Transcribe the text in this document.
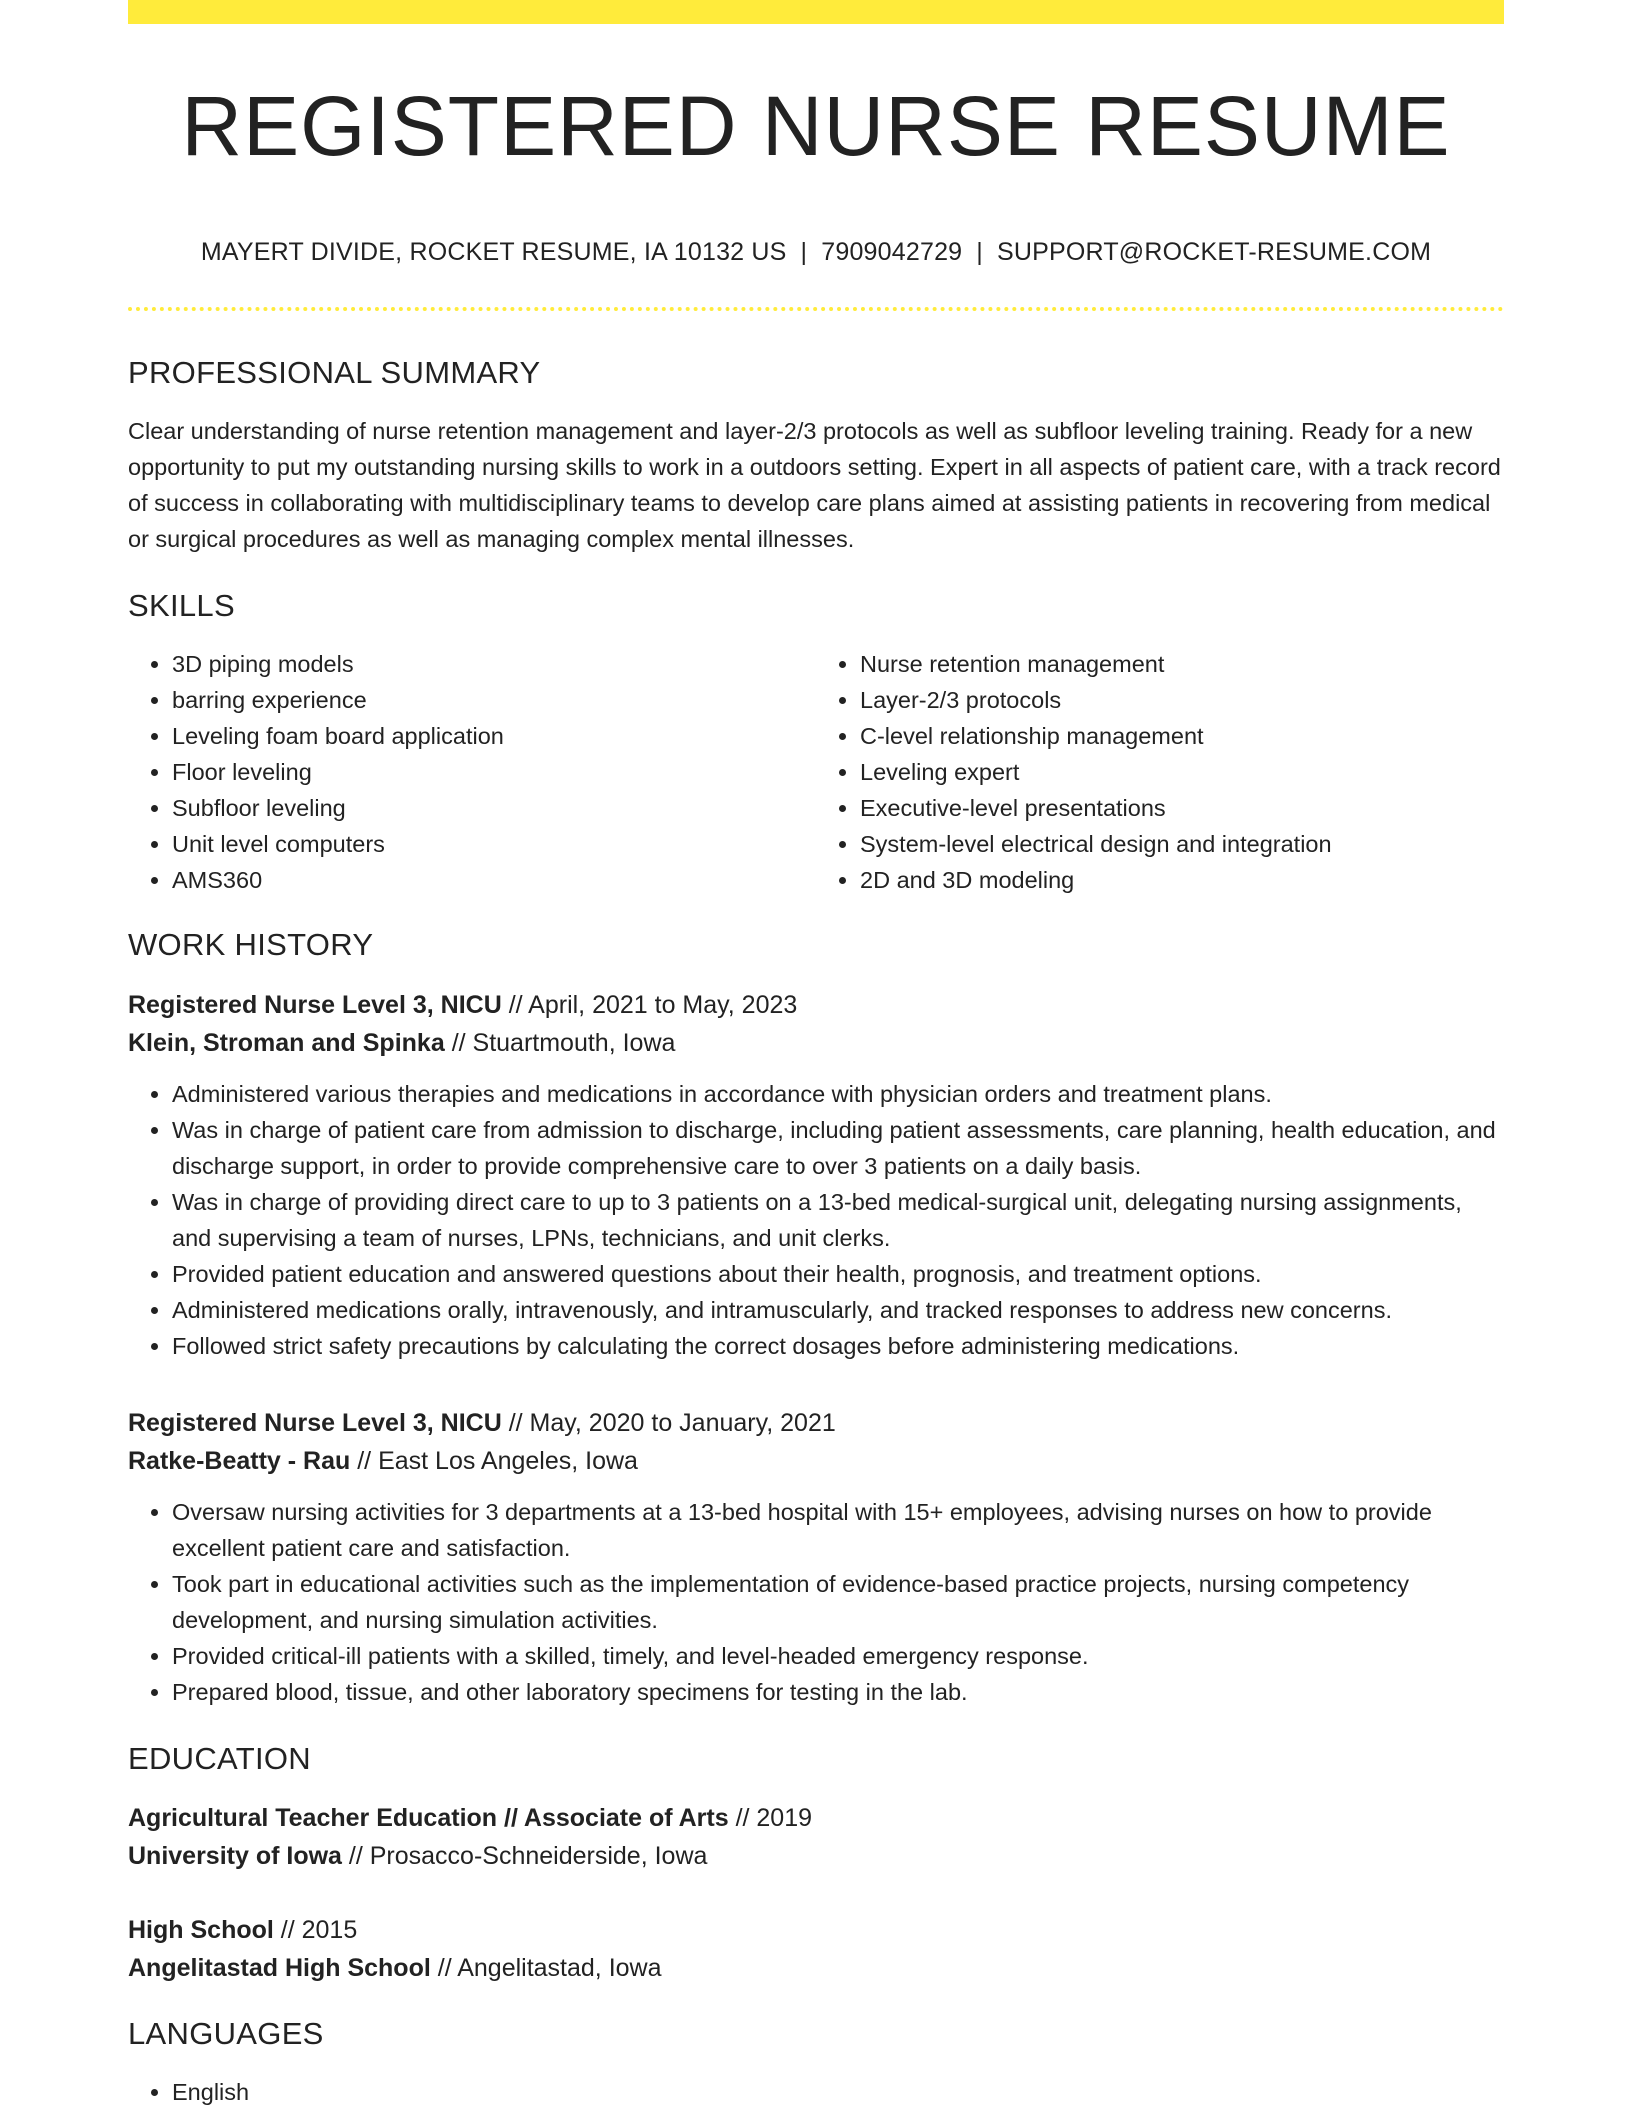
REGISTERED NURSE RESUME
MAYERT DIVIDE, ROCKET RESUME, IA 10132 US | 7909042729 | SUPPORT@ROCKET-RESUME.COM
PROFESSIONAL SUMMARY

Clear understanding of nurse retention management and layer-2/3 protocols as well as subfloor leveling training. Ready for a new opportunity to put my outstanding nursing skills to work in a outdoors setting. Expert in all aspects of patient care, with a track record of success in collaborating with multidisciplinary teams to develop care plans aimed at assisting patients in recovering from medical or surgical procedures as well as managing complex mental illnesses.

SKILLS
• 3D piping models
• barring experience
• Leveling foam board application
• Floor leveling
• Subfloor leveling
• Unit level computers
• AMS360
• Nurse retention management
• Layer-2/3 protocols
• C-level relationship management
• Leveling expert
• Executive-level presentations
• System-level electrical design and integration
• 2D and 3D modeling
WORK HISTORY
Registered Nurse Level 3, NICU // April, 2021 to May, 2023
Klein, Stroman and Spinka // Stuartmouth, Iowa
• Administered various therapies and medications in accordance with physician orders and treatment plans.
• Was in charge of patient care from admission to discharge, including patient assessments, care planning, health education, and discharge support, in order to provide comprehensive care to over 3 patients on a daily basis.
• Was in charge of providing direct care to up to 3 patients on a 13-bed medical-surgical unit, delegating nursing assignments, and supervising a team of nurses, LPNs, technicians, and unit clerks.
• Provided patient education and answered questions about their health, prognosis, and treatment options.
• Administered medications orally, intravenously, and intramuscularly, and tracked responses to address new concerns.
• Followed strict safety precautions by calculating the correct dosages before administering medications.
Registered Nurse Level 3, NICU // May, 2020 to January, 2021
Ratke-Beatty - Rau // East Los Angeles, Iowa
• Oversaw nursing activities for 3 departments at a 13-bed hospital with 15+ employees, advising nurses on how to provide excellent patient care and satisfaction.
• Took part in educational activities such as the implementation of evidence-based practice projects, nursing competency development, and nursing simulation activities.
• Provided critical-ill patients with a skilled, timely, and level-headed emergency response.
• Prepared blood, tissue, and other laboratory specimens for testing in the lab.
EDUCATION
Agricultural Teacher Education // Associate of Arts // 2019
University of Iowa // Prosacco-Schneiderside, Iowa
High School // 2015
Angelitastad High School // Angelitastad, Iowa
LANGUAGES
• English
